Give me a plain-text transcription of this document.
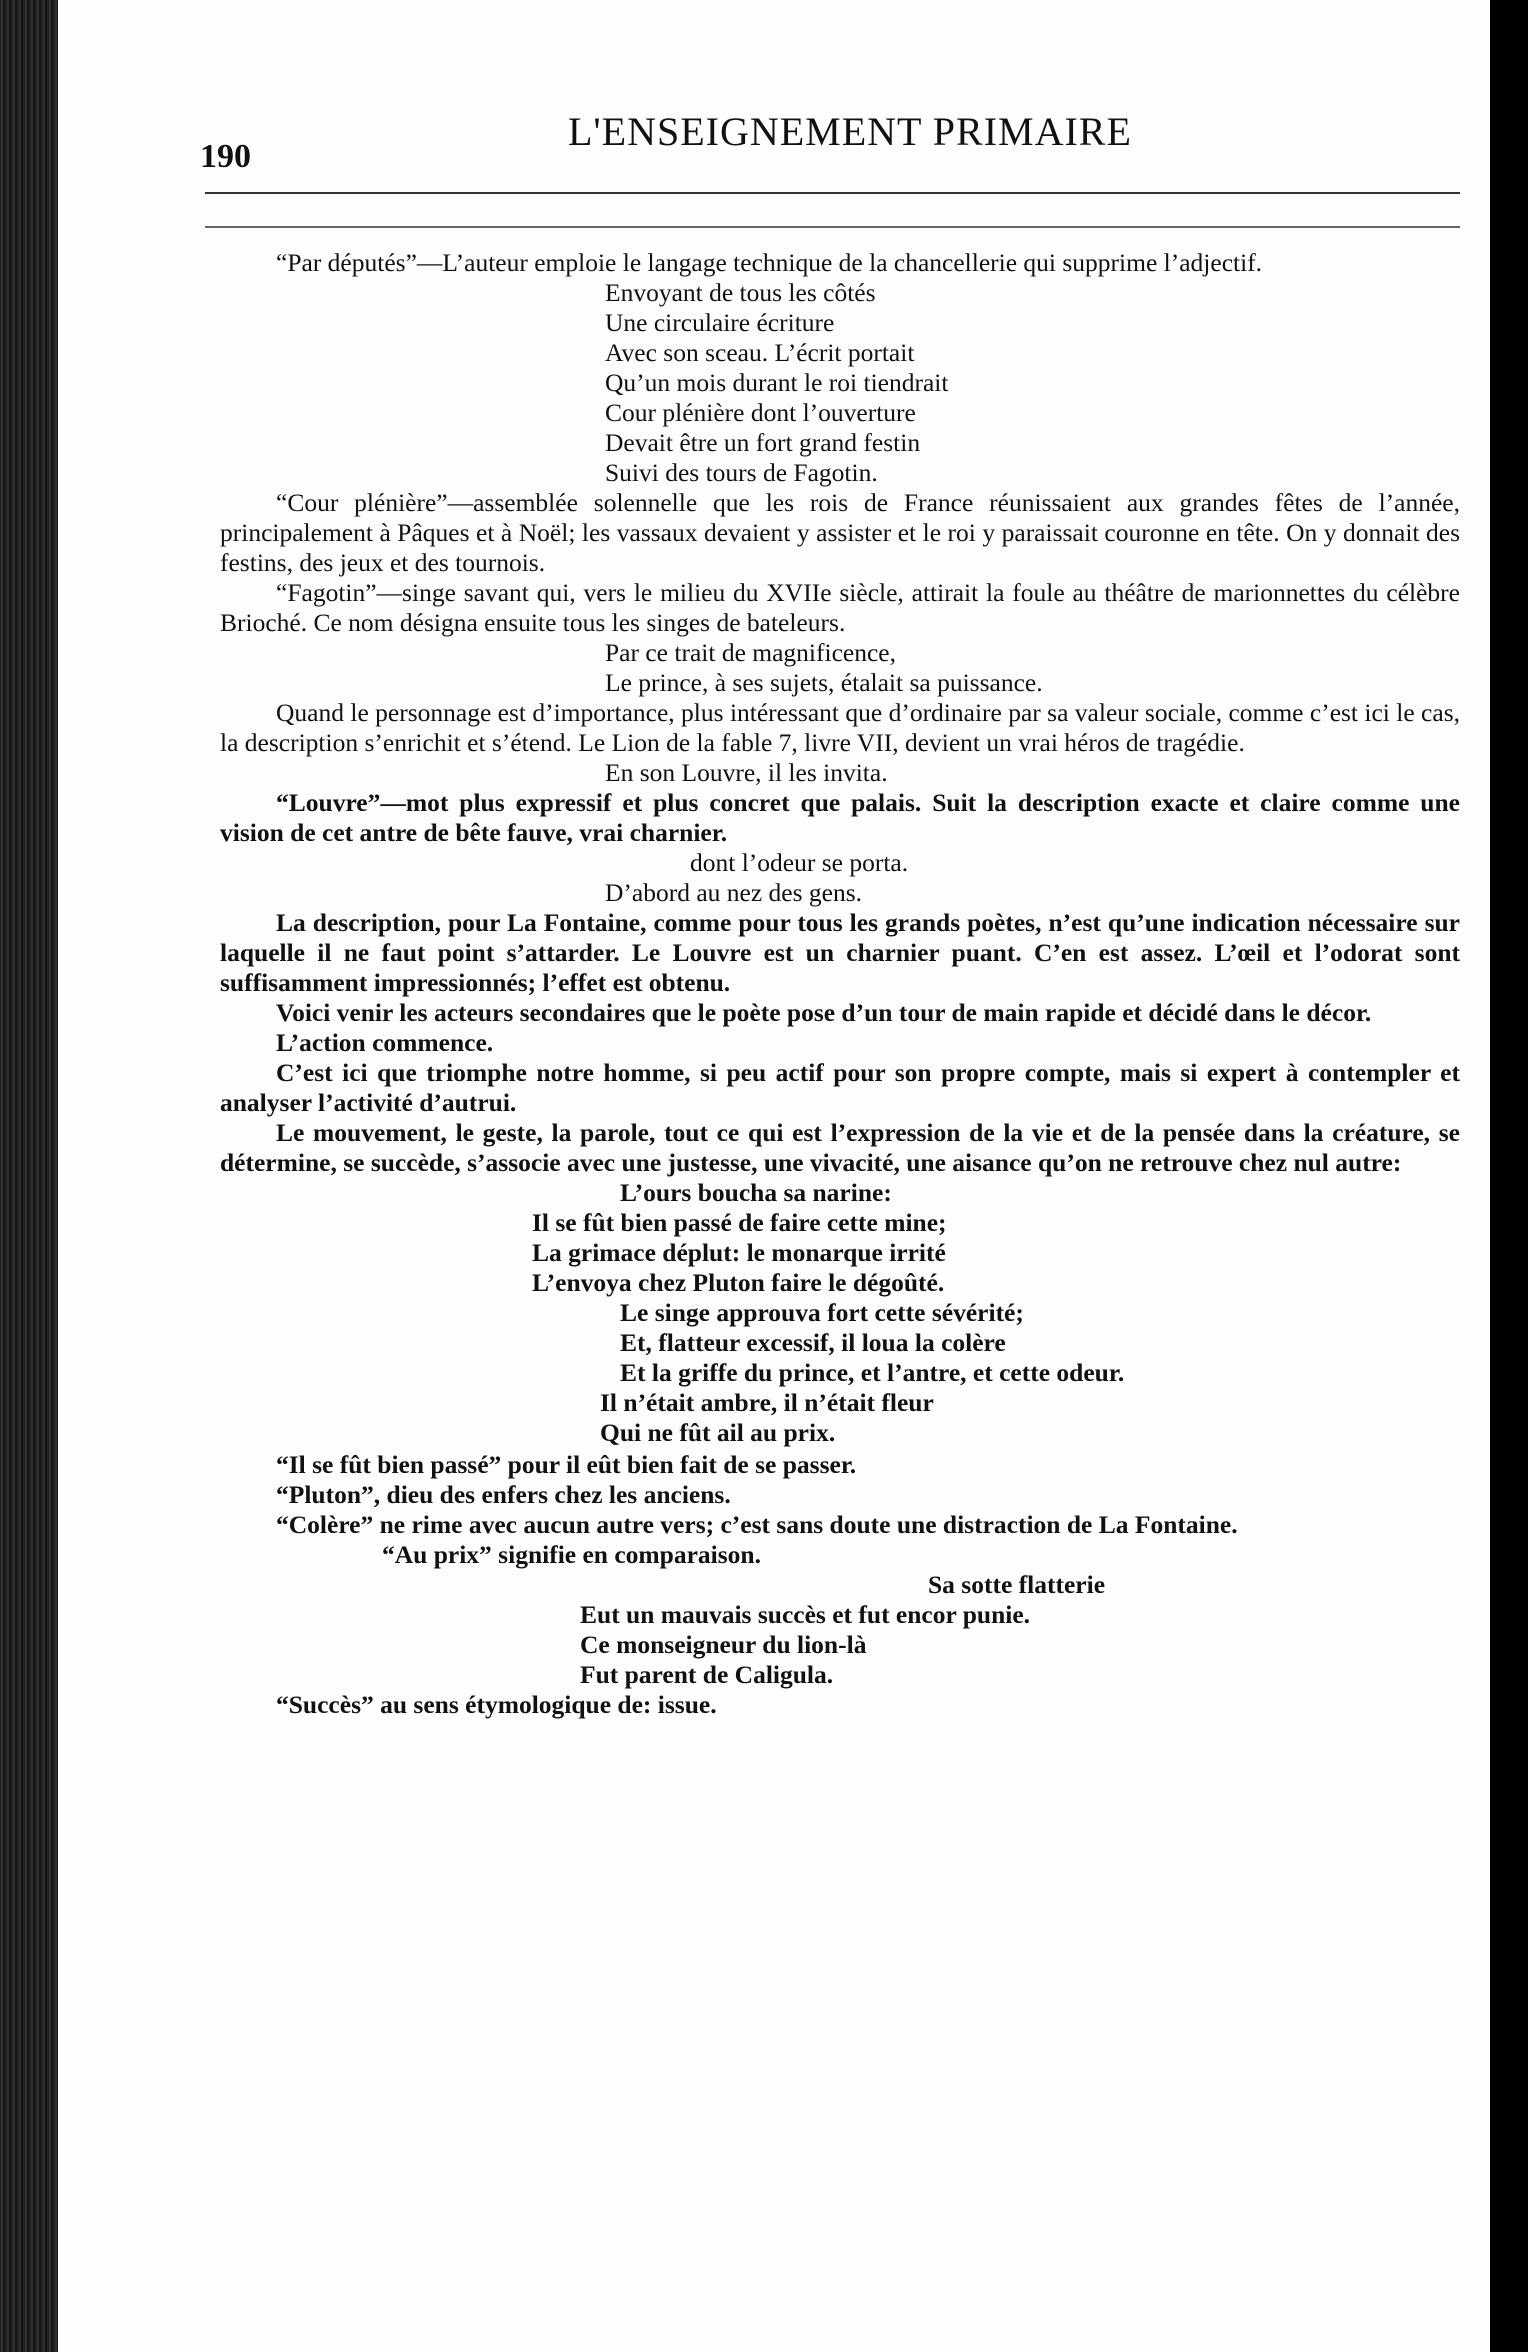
190
L'ENSEIGNEMENT PRIMAIRE

“Par députés”—L’auteur emploie le langage technique de la chancellerie qui supprime l’adjectif.

Envoyant de tous les côtés

Une circulaire écriture

Avec son sceau. L’écrit portait

Qu’un mois durant le roi tiendrait

Cour plénière dont l’ouverture

Devait être un fort grand festin

Suivi des tours de Fagotin.

“Cour plénière”—assemblée solennelle que les rois de France réunissaient aux grandes fêtes de l’année, principalement à Pâques et à Noël; les vassaux devaient y assister et le roi y paraissait couronne en tête. On y donnait des festins, des jeux et des tournois.

“Fagotin”—singe savant qui, vers le milieu du XVIIe siècle, attirait la foule au théâtre de marionnettes du célèbre Brioché. Ce nom désigna ensuite tous les singes de bateleurs.

Par ce trait de magnificence,

Le prince, à ses sujets, étalait sa puissance.

Quand le personnage est d’importance, plus intéressant que d’ordinaire par sa valeur sociale, comme c’est ici le cas, la description s’enrichit et s’étend. Le Lion de la fable 7, livre VII, devient un vrai héros de tragédie.

En son Louvre, il les invita.

“Louvre”—mot plus expressif et plus concret que palais. Suit la description exacte et claire comme une vision de cet antre de bête fauve, vrai charnier.

dont l’odeur se porta.

D’abord au nez des gens.

La description, pour La Fontaine, comme pour tous les grands poètes, n’est qu’une indication nécessaire sur laquelle il ne faut point s’attarder. Le Louvre est un charnier puant. C’en est assez. L’œil et l’odorat sont suffisamment impressionnés; l’effet est obtenu.

Voici venir les acteurs secondaires que le poète pose d’un tour de main rapide et décidé dans le décor.

L’action commence.

C’est ici que triomphe notre homme, si peu actif pour son propre compte, mais si expert à contempler et analyser l’activité d’autrui.

Le mouvement, le geste, la parole, tout ce qui est l’expression de la vie et de la pensée dans la créature, se détermine, se succède, s’associe avec une justesse, une vivacité, une aisance qu’on ne retrouve chez nul autre:

L’ours boucha sa narine:

Il se fût bien passé de faire cette mine;

La grimace déplut: le monarque irrité

L’envoya chez Pluton faire le dégoûté.

Le singe approuva fort cette sévérité;

Et, flatteur excessif, il loua la colère

Et la griffe du prince, et l’antre, et cette odeur.

Il n’était ambre, il n’était fleur

Qui ne fût ail au prix.

“Il se fût bien passé” pour il eût bien fait de se passer.

“Pluton”, dieu des enfers chez les anciens.

“Colère” ne rime avec aucun autre vers; c’est sans doute une distraction de La Fontaine.

“Au prix” signifie en comparaison.

Sa sotte flatterie

Eut un mauvais succès et fut encor punie.

Ce monseigneur du lion-là

Fut parent de Caligula.

“Succès” au sens étymologique de: issue.
